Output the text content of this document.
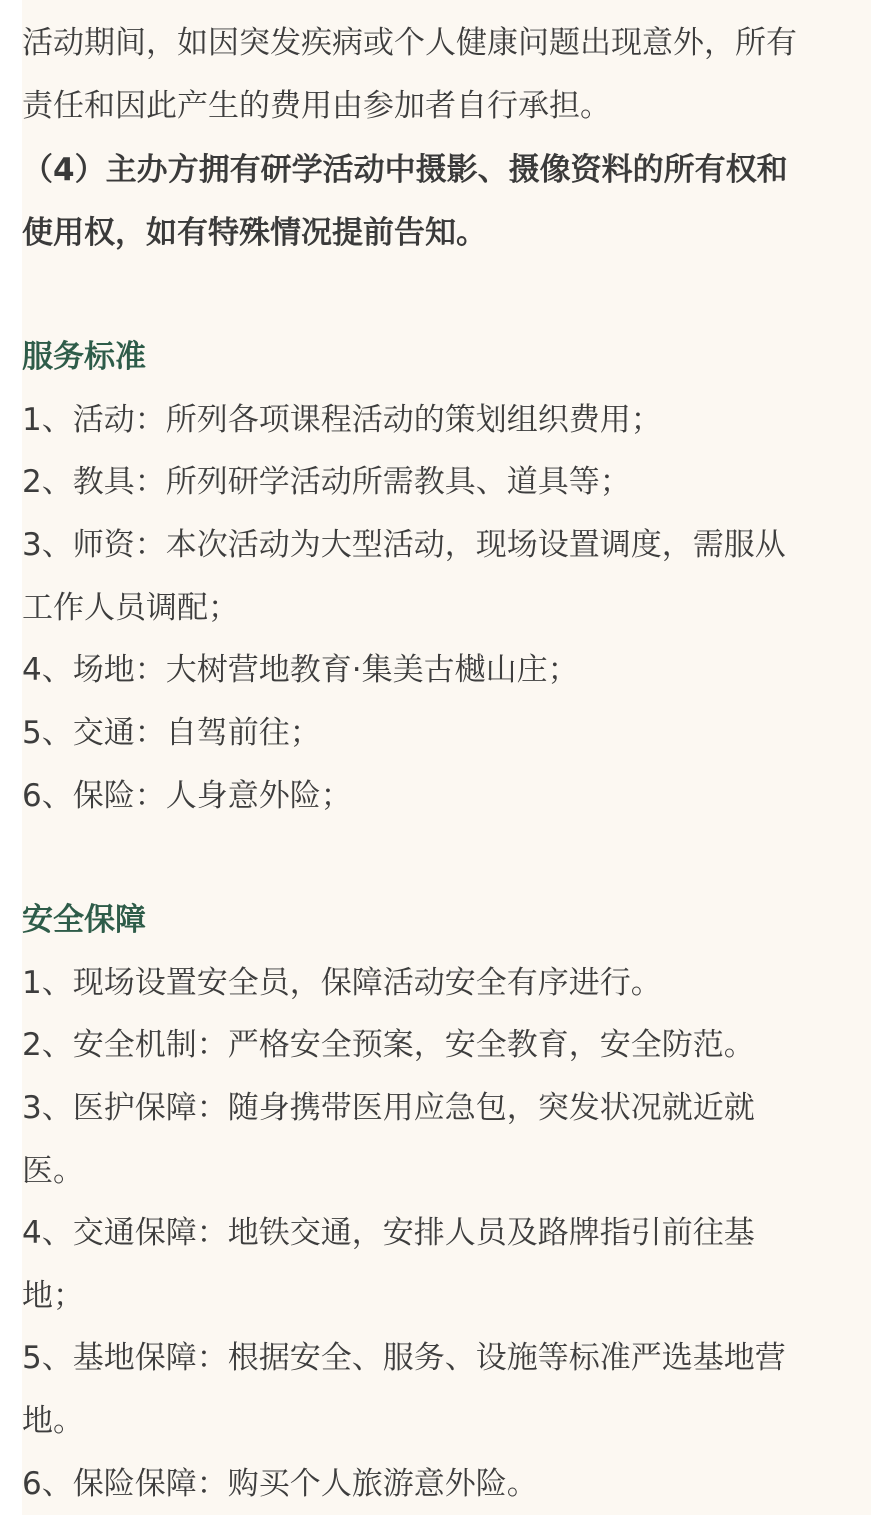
活动期间，如因突发疾病或个人健康问题出现意外，所有

责任和因此产生的费用由参加者自行承担。

（4）主办方拥有研学活动中摄影、摄像资料的所有权和

使用权，如有特殊情况提前告知。

服务标准

1、活动：所列各项课程活动的策划组织费用；

2、教具：所列研学活动所需教具、道具等；

3、师资：本次活动为大型活动，现场设置调度，需服从

工作人员调配；

4、场地：大树营地教育·集美古樾山庄；

5、交通：自驾前往；

6、保险：人身意外险；

安全保障

1、现场设置安全员，保障活动安全有序进行。

2、安全机制：严格安全预案，安全教育，安全防范。

3、医护保障：随身携带医用应急包，突发状况就近就

医。

4、交通保障：地铁交通，安排人员及路牌指引前往基

地；

5、基地保障：根据安全、服务、设施等标准严选基地营

地。

6、保险保障：购买个人旅游意外险。
